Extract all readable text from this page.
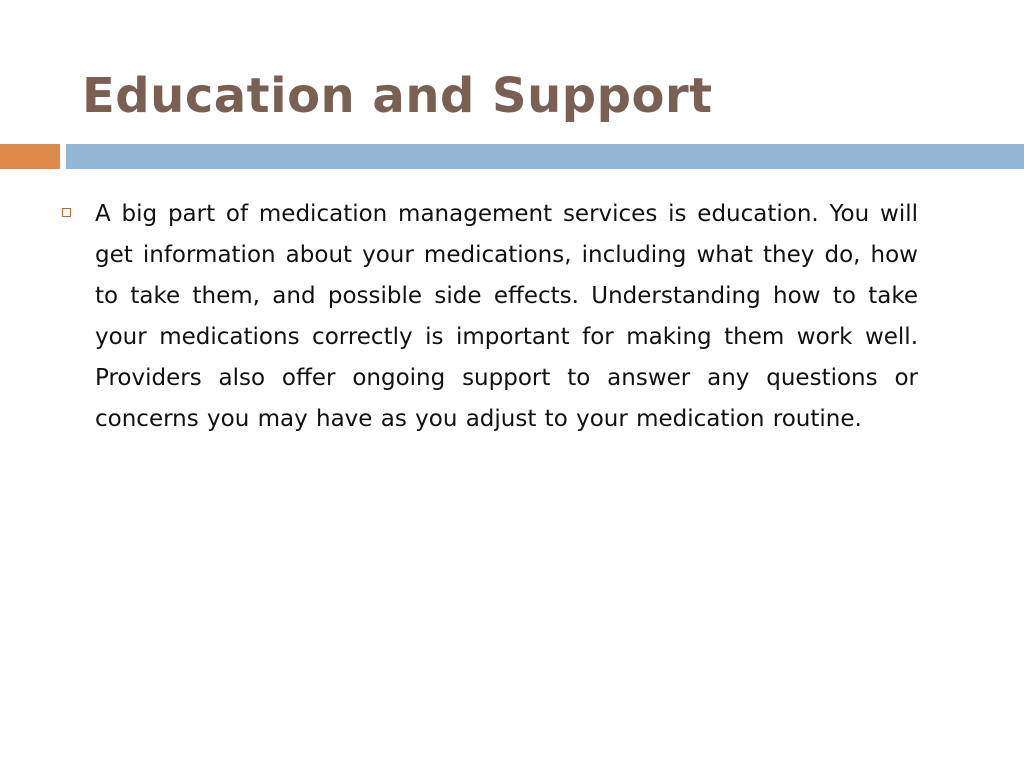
Education and Support
A big part of medication management services is education. You will get information about your medications, including what they do, how to take them, and possible side effects. Understanding how to take your medications correctly is important for making them work well. Providers also offer ongoing support to answer any questions or concerns you may have as you adjust to your medication routine.
